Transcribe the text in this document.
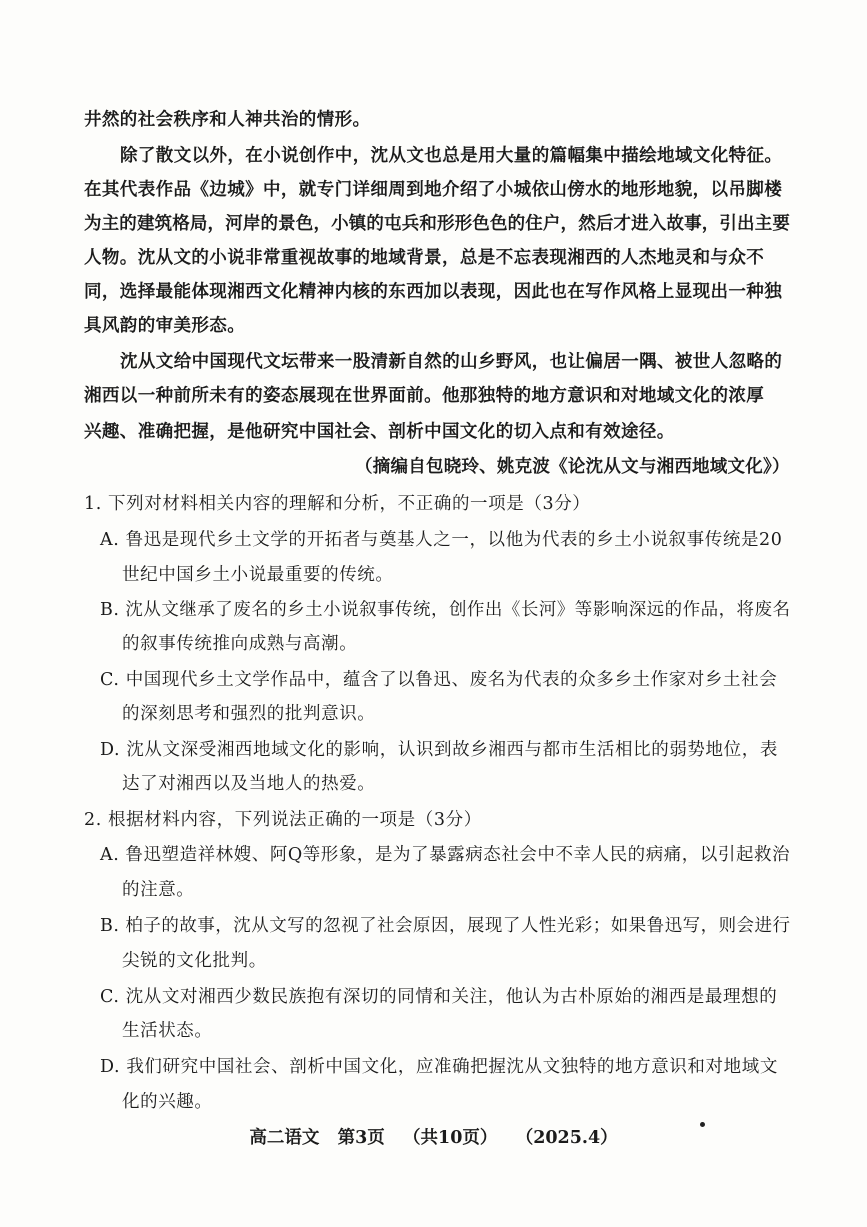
井然的社会秩序和人神共治的情形。
除了散文以外，在小说创作中，沈从文也总是用大量的篇幅集中描绘地域文化特征。
在其代表作品《边城》中，就专门详细周到地介绍了小城依山傍水的地形地貌，以吊脚楼
为主的建筑格局，河岸的景色，小镇的屯兵和形形色色的住户，然后才进入故事，引出主要
人物。沈从文的小说非常重视故事的地域背景，总是不忘表现湘西的人杰地灵和与众不
同，选择最能体现湘西文化精神内核的东西加以表现，因此也在写作风格上显现出一种独
具风韵的审美形态。
沈从文给中国现代文坛带来一股清新自然的山乡野风，也让偏居一隅、被世人忽略的
湘西以一种前所未有的姿态展现在世界面前。他那独特的地方意识和对地域文化的浓厚
兴趣、准确把握，是他研究中国社会、剖析中国文化的切入点和有效途径。
（摘编自包晓玲、姚克波《论沈从文与湘西地域文化》）
1. 下列对材料相关内容的理解和分析，不正确的一项是（3分）
A. 鲁迅是现代乡土文学的开拓者与奠基人之一，以他为代表的乡土小说叙事传统是20
世纪中国乡土小说最重要的传统。
B. 沈从文继承了废名的乡土小说叙事传统，创作出《长河》等影响深远的作品，将废名
的叙事传统推向成熟与高潮。
C. 中国现代乡土文学作品中，蕴含了以鲁迅、废名为代表的众多乡土作家对乡土社会
的深刻思考和强烈的批判意识。
D. 沈从文深受湘西地域文化的影响，认识到故乡湘西与都市生活相比的弱势地位，表
达了对湘西以及当地人的热爱。
2. 根据材料内容，下列说法正确的一项是（3分）
A. 鲁迅塑造祥林嫂、阿Q等形象，是为了暴露病态社会中不幸人民的病痛，以引起救治
的注意。
B. 柏子的故事，沈从文写的忽视了社会原因，展现了人性光彩；如果鲁迅写，则会进行
尖锐的文化批判。
C. 沈从文对湘西少数民族抱有深切的同情和关注，他认为古朴原始的湘西是最理想的
生活状态。
D. 我们研究中国社会、剖析中国文化，应准确把握沈从文独特的地方意识和对地域文
化的兴趣。
高二语文   第3页   （共10页）   （2025.4）
